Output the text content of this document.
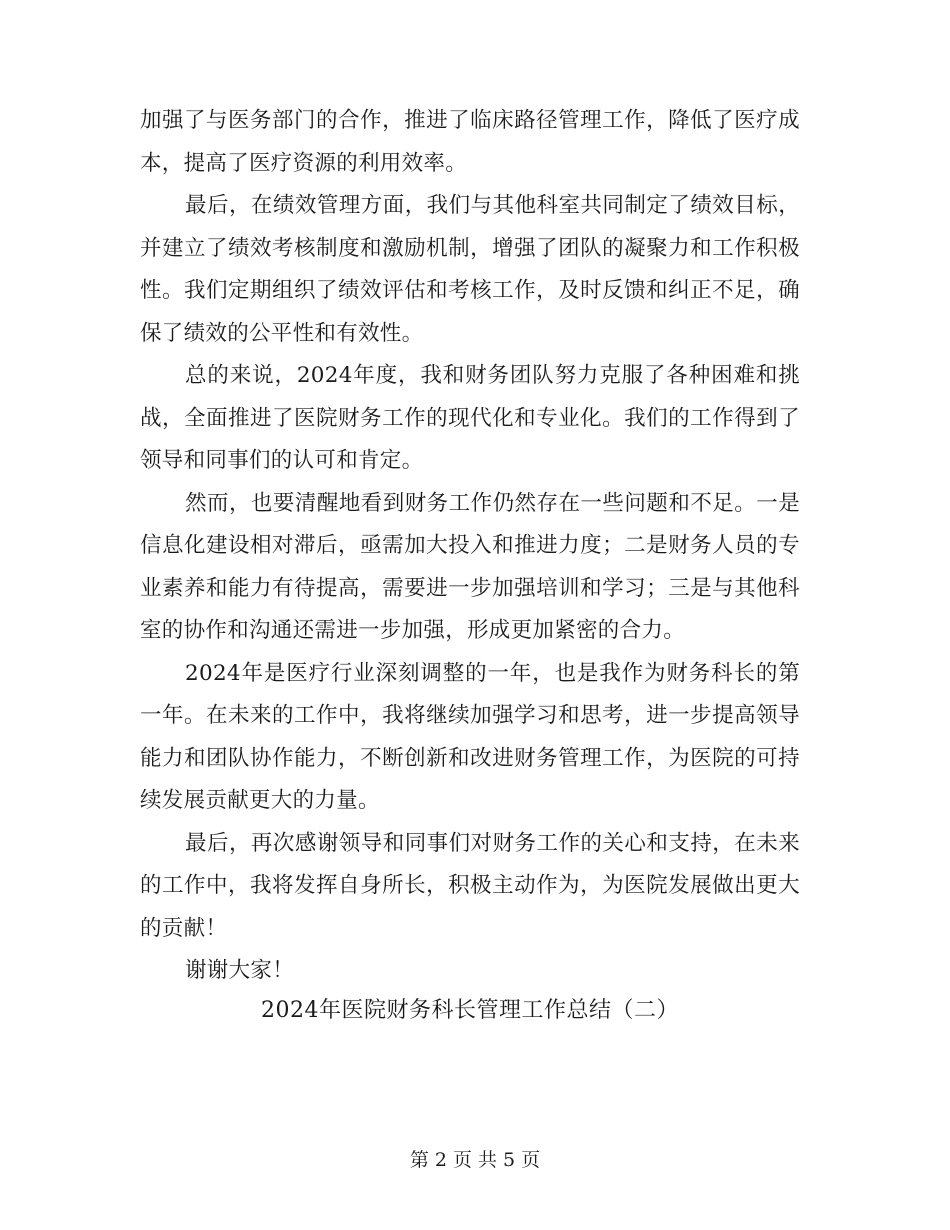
加强了与医务部门的合作，推进了临床路径管理工作，降低了医疗成本，提高了医疗资源的利用效率。

最后，在绩效管理方面，我们与其他科室共同制定了绩效目标，并建立了绩效考核制度和激励机制，增强了团队的凝聚力和工作积极性。我们定期组织了绩效评估和考核工作，及时反馈和纠正不足，确保了绩效的公平性和有效性。

总的来说，2024年度，我和财务团队努力克服了各种困难和挑战，全面推进了医院财务工作的现代化和专业化。我们的工作得到了领导和同事们的认可和肯定。

然而，也要清醒地看到财务工作仍然存在一些问题和不足。一是信息化建设相对滞后，亟需加大投入和推进力度；二是财务人员的专业素养和能力有待提高，需要进一步加强培训和学习；三是与其他科室的协作和沟通还需进一步加强，形成更加紧密的合力。

2024年是医疗行业深刻调整的一年，也是我作为财务科长的第一年。在未来的工作中，我将继续加强学习和思考，进一步提高领导能力和团队协作能力，不断创新和改进财务管理工作，为医院的可持续发展贡献更大的力量。

最后，再次感谢领导和同事们对财务工作的关心和支持，在未来的工作中，我将发挥自身所长，积极主动作为，为医院发展做出更大的贡献！

谢谢大家！

2024年医院财务科长管理工作总结（二）
第 2 页 共 5 页
